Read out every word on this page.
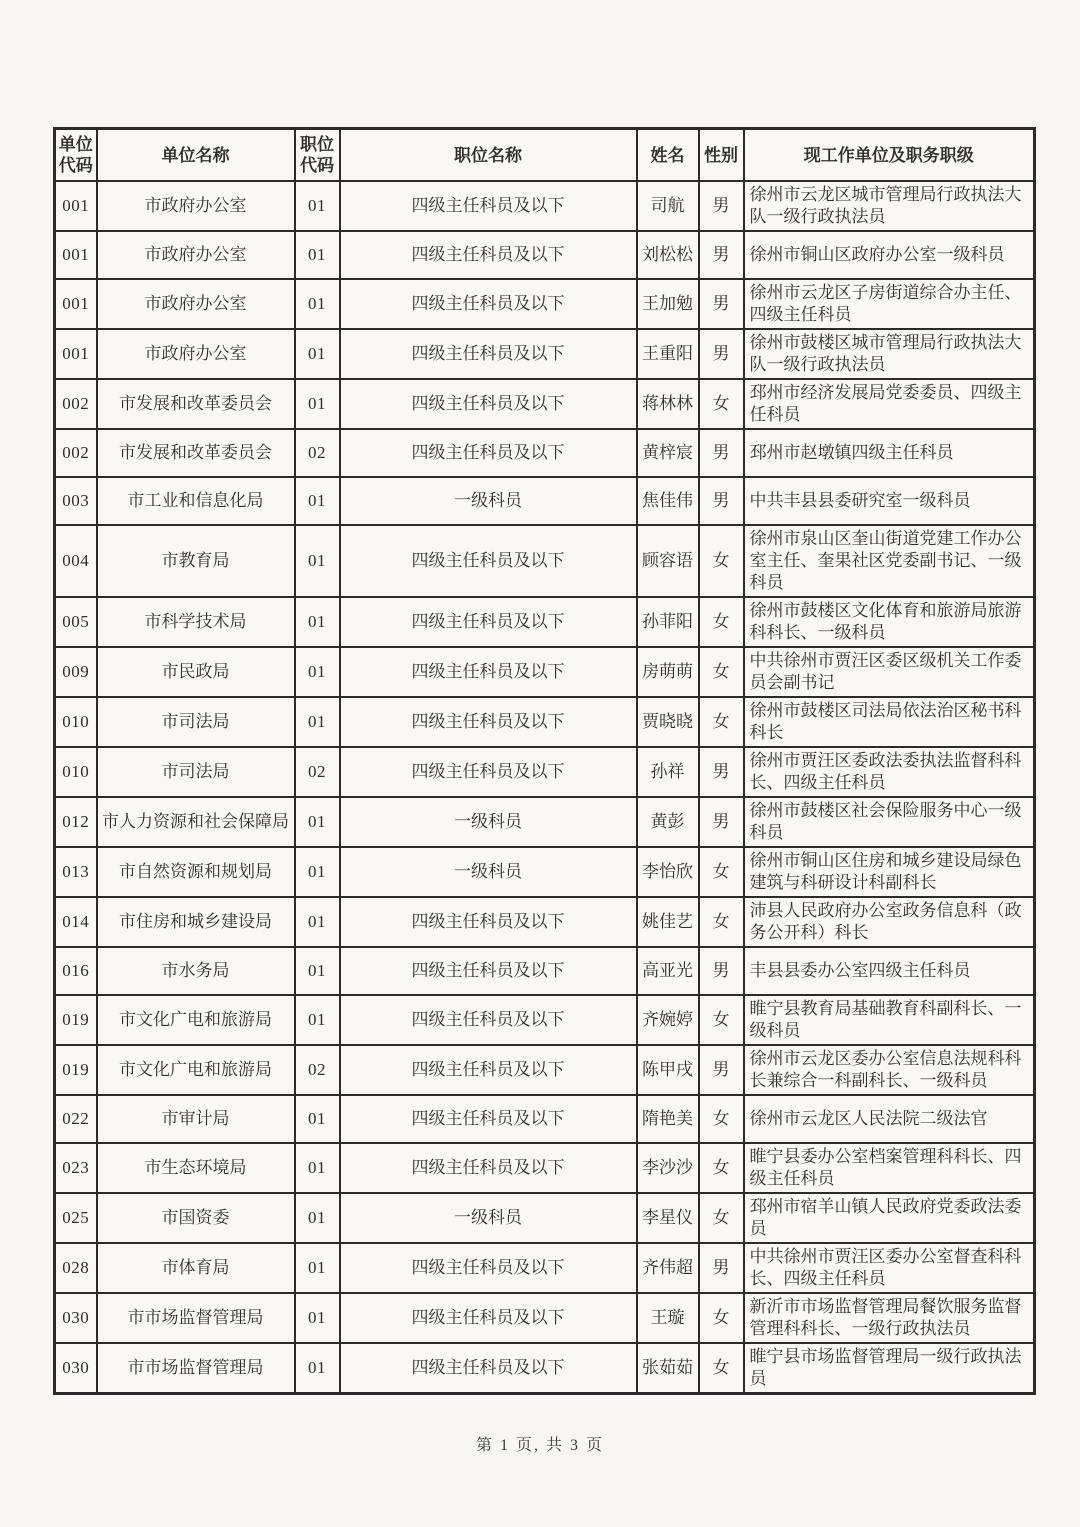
单位代码	单位名称	职位代码	职位名称	姓名	性别	现工作单位及职务职级
001	市政府办公室	01	四级主任科员及以下	司航	男	徐州市云龙区城市管理局行政执法大队一级行政执法员
001	市政府办公室	01	四级主任科员及以下	刘松松	男	徐州市铜山区政府办公室一级科员
001	市政府办公室	01	四级主任科员及以下	王加勉	男	徐州市云龙区子房街道综合办主任、四级主任科员
001	市政府办公室	01	四级主任科员及以下	王重阳	男	徐州市鼓楼区城市管理局行政执法大队一级行政执法员
002	市发展和改革委员会	01	四级主任科员及以下	蒋林林	女	邳州市经济发展局党委委员、四级主任科员
002	市发展和改革委员会	02	四级主任科员及以下	黄梓宸	男	邳州市赵墩镇四级主任科员
003	市工业和信息化局	01	一级科员	焦佳伟	男	中共丰县县委研究室一级科员
004	市教育局	01	四级主任科员及以下	顾容语	女	徐州市泉山区奎山街道党建工作办公室主任、奎果社区党委副书记、一级科员
005	市科学技术局	01	四级主任科员及以下	孙菲阳	女	徐州市鼓楼区文化体育和旅游局旅游科科长、一级科员
009	市民政局	01	四级主任科员及以下	房萌萌	女	中共徐州市贾汪区委区级机关工作委员会副书记
010	市司法局	01	四级主任科员及以下	贾晓晓	女	徐州市鼓楼区司法局依法治区秘书科科长
010	市司法局	02	四级主任科员及以下	孙祥	男	徐州市贾汪区委政法委执法监督科科长、四级主任科员
012	市人力资源和社会保障局	01	一级科员	黄彭	男	徐州市鼓楼区社会保险服务中心一级科员
013	市自然资源和规划局	01	一级科员	李怡欣	女	徐州市铜山区住房和城乡建设局绿色建筑与科研设计科副科长
014	市住房和城乡建设局	01	四级主任科员及以下	姚佳艺	女	沛县人民政府办公室政务信息科（政务公开科）科长
016	市水务局	01	四级主任科员及以下	高亚光	男	丰县县委办公室四级主任科员
019	市文化广电和旅游局	01	四级主任科员及以下	齐婉婷	女	睢宁县教育局基础教育科副科长、一级科员
019	市文化广电和旅游局	02	四级主任科员及以下	陈甲戌	男	徐州市云龙区委办公室信息法规科科长兼综合一科副科长、一级科员
022	市审计局	01	四级主任科员及以下	隋艳美	女	徐州市云龙区人民法院二级法官
023	市生态环境局	01	四级主任科员及以下	李沙沙	女	睢宁县委办公室档案管理科科长、四级主任科员
025	市国资委	01	一级科员	李星仪	女	邳州市宿羊山镇人民政府党委政法委员
028	市体育局	01	四级主任科员及以下	齐伟超	男	中共徐州市贾汪区委办公室督查科科长、四级主任科员
030	市市场监督管理局	01	四级主任科员及以下	王璇	女	新沂市市场监督管理局餐饮服务监督管理科科长、一级行政执法员
030	市市场监督管理局	01	四级主任科员及以下	张茹茹	女	睢宁县市场监督管理局一级行政执法员
第 1 页, 共 3 页
